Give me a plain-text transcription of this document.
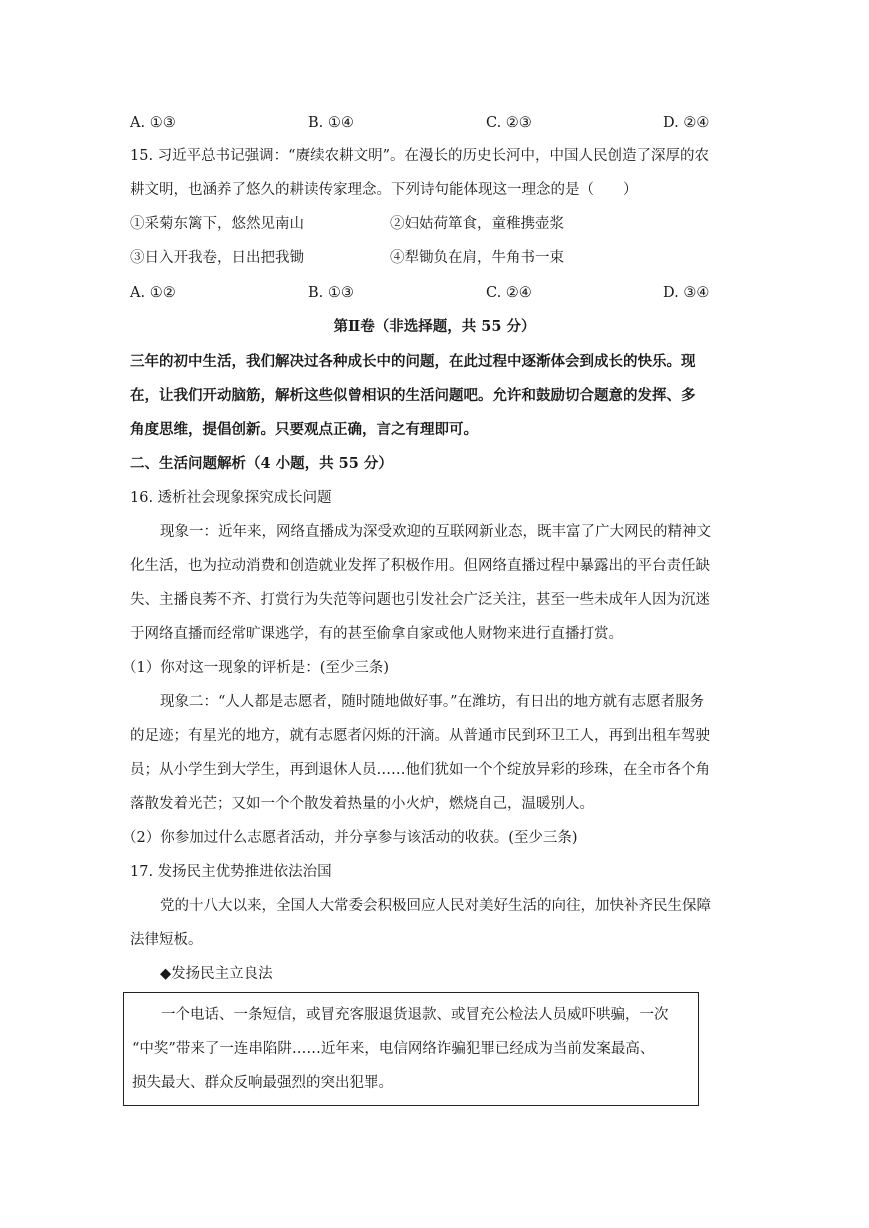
A. ①③	B. ①④	C. ②③	D. ②④
15. 习近平总书记强调：“赓续农耕文明”。在漫长的历史长河中，中国人民创造了深厚的农
耕文明，也涵养了悠久的耕读传家理念。下列诗句能体现这一理念的是（　　）
①采菊东篱下，悠然见南山	②妇姑荷箪食，童稚携壶浆
③日入开我卷，日出把我锄	④犁锄负在肩，牛角书一束
A. ①②	B. ①③	C. ②④	D. ③④
第Ⅱ卷（非选择题，共 55 分）
三年的初中生活，我们解决过各种成长中的问题，在此过程中逐渐体会到成长的快乐。现
在，让我们开动脑筋，解析这些似曾相识的生活问题吧。允许和鼓励切合题意的发挥、多
角度思维，提倡创新。只要观点正确，言之有理即可。
二、生活问题解析（4 小题，共 55 分）
16. 透析社会现象探究成长问题
现象一：近年来，网络直播成为深受欢迎的互联网新业态，既丰富了广大网民的精神文
化生活，也为拉动消费和创造就业发挥了积极作用。但网络直播过程中暴露出的平台责任缺
失、主播良莠不齐、打赏行为失范等问题也引发社会广泛关注，甚至一些未成年人因为沉迷
于网络直播而经常旷课逃学，有的甚至偷拿自家或他人财物来进行直播打赏。
（1）你对这一现象的评析是：(至少三条)
现象二：“人人都是志愿者，随时随地做好事。”在潍坊，有日出的地方就有志愿者服务
的足迹；有星光的地方，就有志愿者闪烁的汗滴。从普通市民到环卫工人，再到出租车驾驶
员；从小学生到大学生，再到退休人员……他们犹如一个个绽放异彩的珍珠，在全市各个角
落散发着光芒；又如一个个散发着热量的小火炉，燃烧自己，温暖别人。
（2）你参加过什么志愿者活动，并分享参与该活动的收获。(至少三条)
17. 发扬民主优势推进依法治国
党的十八大以来，全国人大常委会积极回应人民对美好生活的向往，加快补齐民生保障
法律短板。
◆发扬民主立良法
一个电话、一条短信，或冒充客服退货退款、或冒充公检法人员威吓哄骗，一次
“中奖”带来了一连串陷阱……近年来，电信网络诈骗犯罪已经成为当前发案最高、
损失最大、群众反响最强烈的突出犯罪。
